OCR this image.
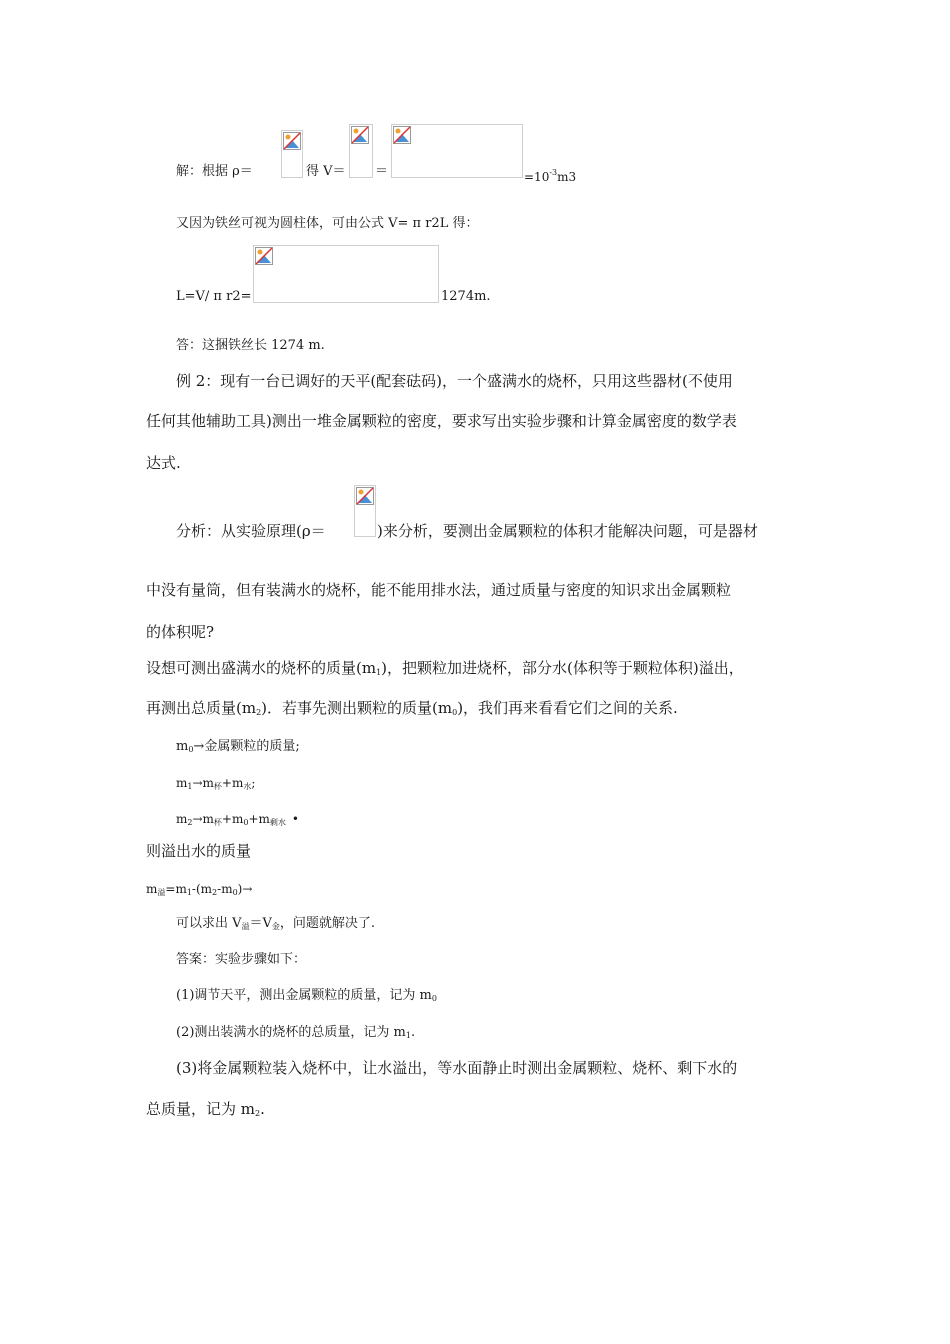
解：根据 ρ＝	得 V＝ ＝	$=10^{-3}m3$
又因为铁丝可视为圆柱体，可由公式 V= π r2L 得：
L=V/ π r2=	1274m.
答：这捆铁丝长 1274 m.
例 2：现有一台已调好的天平(配套砝码)，一个盛满水的烧杯，只用这些器材(不使用
任何其他辅助工具)测出一堆金属颗粒的密度，要求写出实验步骤和计算金属密度的数学表
达式.
分析：从实验原理(ρ＝	)来分析，要测出金属颗粒的体积才能解决问题，可是器材
中没有量筒，但有装满水的烧杯，能不能用排水法，通过质量与密度的知识求出金属颗粒
的体积呢?
设想可测出盛满水的烧杯的质量$(m_1)$，把颗粒加进烧杯，部分水(体积等于颗粒体积)溢出，
再测出总质量$(m_2)$．若事先测出颗粒的质量$(m_0)$，我们再来看看它们之间的关系.
$m_0\to$金属颗粒的质量;
$m_1\to m_杯+m_水$;
$m_2\to m_杯+m_0+m_{剩水}$ •
则溢出水的质量
$m_溢=m_1-(m_2-m_0)\to$
可以求出 $V_溢=V_金$，问题就解决了.
答案：实验步骤如下：
(1)调节天平，测出金属颗粒的质量，记为 $m_0$
(2)测出装满水的烧杯的总质量，记为 $m_1$.
(3)将金属颗粒装入烧杯中，让水溢出，等水面静止时测出金属颗粒、烧杯、剩下水的
总质量，记为 $m_2$.
